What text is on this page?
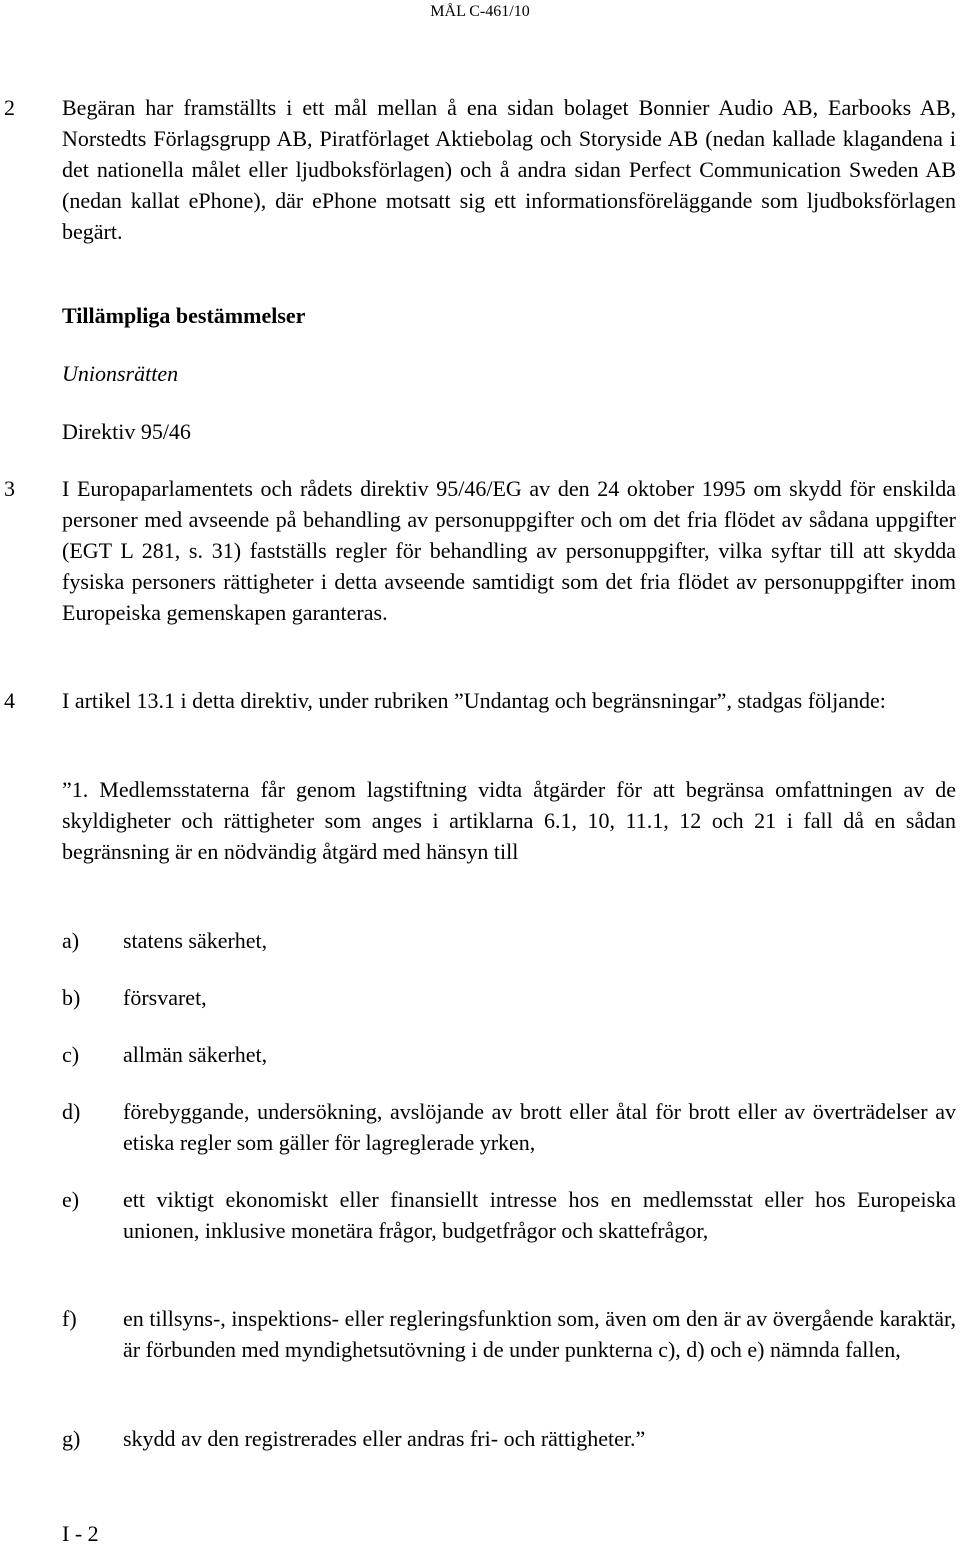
MÅL C-461/10
2 Begäran har framställts i ett mål mellan å ena sidan bolaget Bonnier Audio AB, Earbooks AB, Norstedts Förlagsgrupp AB, Piratförlaget Aktiebolag och Storyside AB (nedan kallade klagandena i det nationella målet eller ljudboksförlagen) och å andra sidan Perfect Communication Sweden AB (nedan kallat ePhone), där ePhone motsatt sig ett informationsföreläggande som ljudboksförlagen begärt.
Tillämpliga bestämmelser
Unionsrätten
Direktiv 95/46
3 I Europaparlamentets och rådets direktiv 95/46/EG av den 24 oktober 1995 om skydd för enskilda personer med avseende på behandling av personuppgifter och om det fria flödet av sådana uppgifter (EGT L 281, s. 31) fastställs regler för behandling av personuppgifter, vilka syftar till att skydda fysiska personers rättigheter i detta avseende samtidigt som det fria flödet av personuppgifter inom Europeiska gemenskapen garanteras.
4 I artikel 13.1 i detta direktiv, under rubriken ”Undantag och begränsningar”, stadgas följande:
”1. Medlemsstaterna får genom lagstiftning vidta åtgärder för att begränsa omfattningen av de skyldigheter och rättigheter som anges i artiklarna 6.1, 10, 11.1, 12 och 21 i fall då en sådan begränsning är en nödvändig åtgärd med hänsyn till
a) statens säkerhet,
b) försvaret,
c) allmän säkerhet,
d) förebyggande, undersökning, avslöjande av brott eller åtal för brott eller av överträdelser av etiska regler som gäller för lagreglerade yrken,
e) ett viktigt ekonomiskt eller finansiellt intresse hos en medlemsstat eller hos Europeiska unionen, inklusive monetära frågor, budgetfrågor och skattefrågor,
f) en tillsyns-, inspektions- eller regleringsfunktion som, även om den är av övergående karaktär, är förbunden med myndighetsutövning i de under punkterna c), d) och e) nämnda fallen,
g) skydd av den registrerades eller andras fri- och rättigheter.”
I - 2
